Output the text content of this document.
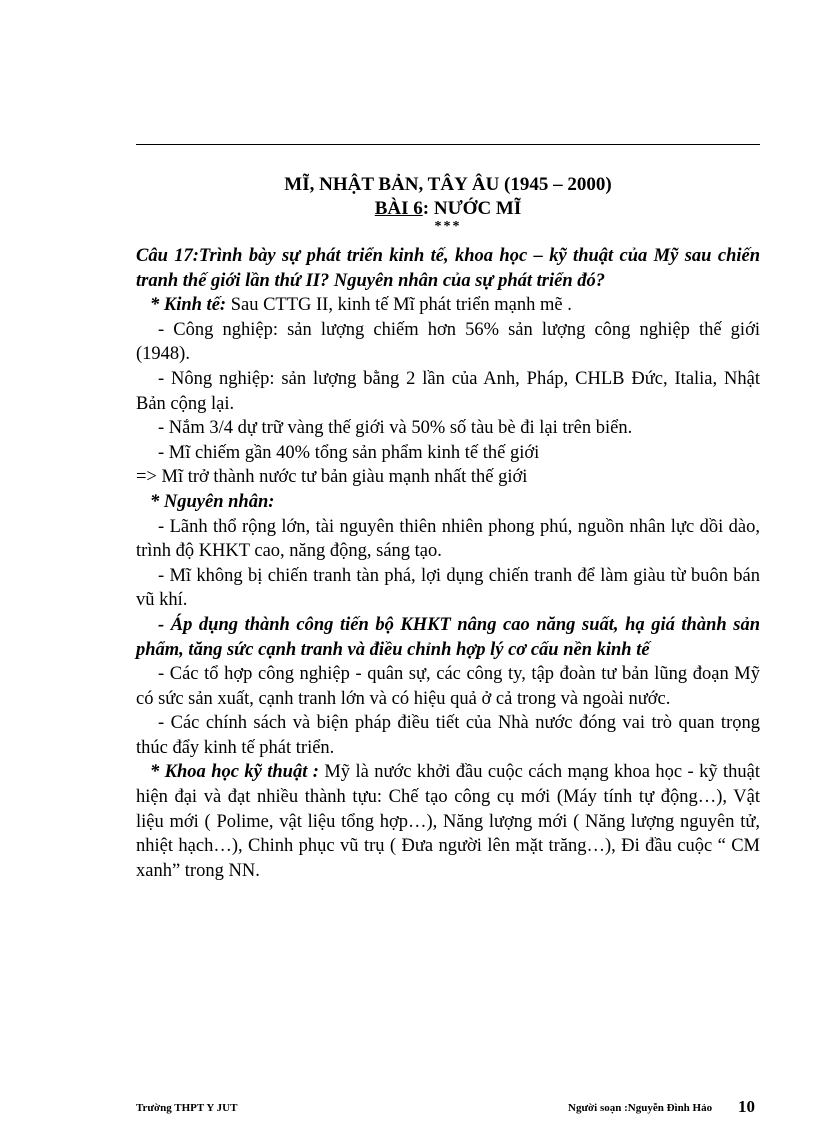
MĨ, NHẬT BẢN, TÂY ÂU (1945 – 2000)
BÀI 6: NƯỚC MĨ
***

Câu 17:Trình bày sự phát triển kinh tế, khoa học – kỹ thuật của Mỹ sau chiến tranh thế giới lần thứ II? Nguyên nhân của sự phát triển đó?

* Kinh tế: Sau CTTG II, kinh tế Mĩ phát triển mạnh mẽ .

- Công nghiệp: sản lượng chiếm hơn 56% sản lượng công nghiệp thế giới (1948).

- Nông nghiệp: sản lượng bằng 2 lần của Anh, Pháp, CHLB Đức, Italia, Nhật Bản cộng lại.

- Nắm 3/4 dự trữ vàng thế giới và 50% số tàu bè đi lại trên biển.

- Mĩ chiếm gần 40% tổng sản phẩm kinh tế thế giới

=> Mĩ trở thành nước tư bản giàu mạnh nhất thế giới

* Nguyên nhân:

- Lãnh thổ rộng lớn, tài nguyên thiên nhiên phong phú, nguồn nhân lực dồi dào, trình độ KHKT cao, năng động, sáng tạo.

- Mĩ không bị chiến tranh tàn phá, lợi dụng chiến tranh để làm giàu từ buôn bán vũ khí.

- Áp dụng thành công tiến bộ KHKT nâng cao năng suất, hạ giá thành sản phẩm, tăng sức cạnh tranh và điều chỉnh hợp lý cơ cấu nền kinh tế

- Các tổ hợp công nghiệp - quân sự, các công ty, tập đoàn tư bản lũng đoạn Mỹ có sức sản xuất, cạnh tranh lớn và có hiệu quả ở cả trong và ngoài nước.

- Các chính sách và biện pháp điều tiết của Nhà nước đóng vai trò quan trọng thúc đẩy kinh tế phát triển.

* Khoa học kỹ thuật : Mỹ là nước khởi đầu cuộc cách mạng khoa học - kỹ thuật hiện đại và đạt nhiều thành tựu: Chế tạo công cụ mới (Máy tính tự động…), Vật liệu mới ( Polime, vật liệu tổng hợp…), Năng lượng mới ( Năng lượng nguyên tử, nhiệt hạch…), Chinh phục vũ trụ ( Đưa người lên mặt trăng…), Đi đầu cuộc “ CM xanh” trong NN.

Trường THPT Y JUT	Người soạn :Nguyễn Đình Hảo 10
